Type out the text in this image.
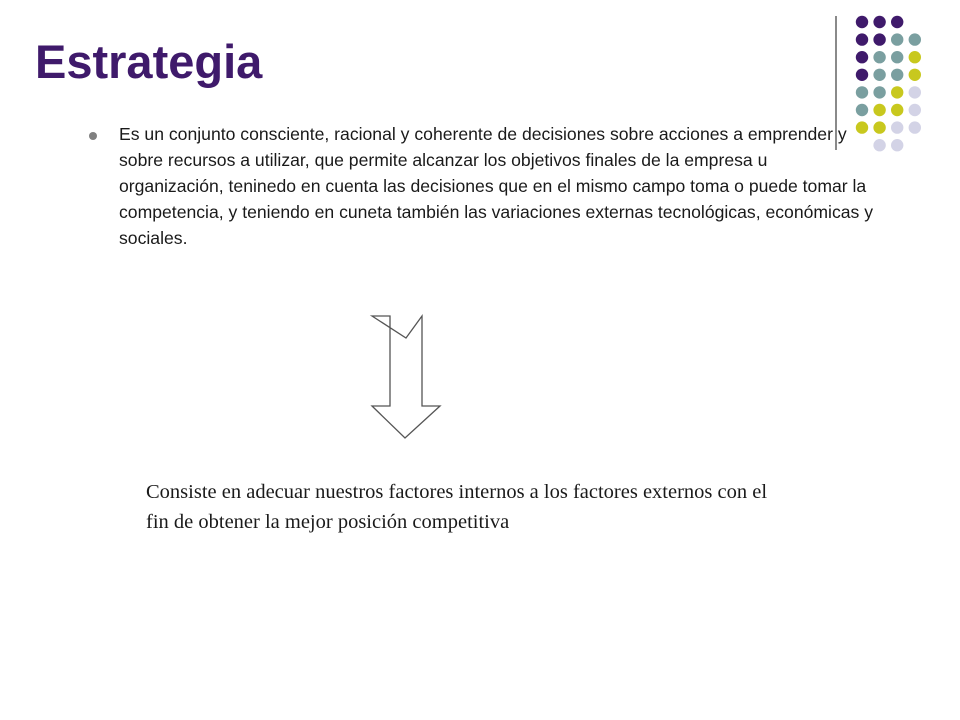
Estrategia
Es un conjunto consciente, racional y coherente de decisiones sobre acciones a emprender y sobre recursos a utilizar, que permite alcanzar los objetivos finales de la empresa u organización, teninedo en cuenta las decisiones que en el mismo campo toma o puede tomar la competencia, y teniendo en cuneta también las variaciones externas tecnológicas, económicas y sociales.

Consiste en adecuar nuestros factores internos a los factores externos con el fin de obtener la mejor posición competitiva
